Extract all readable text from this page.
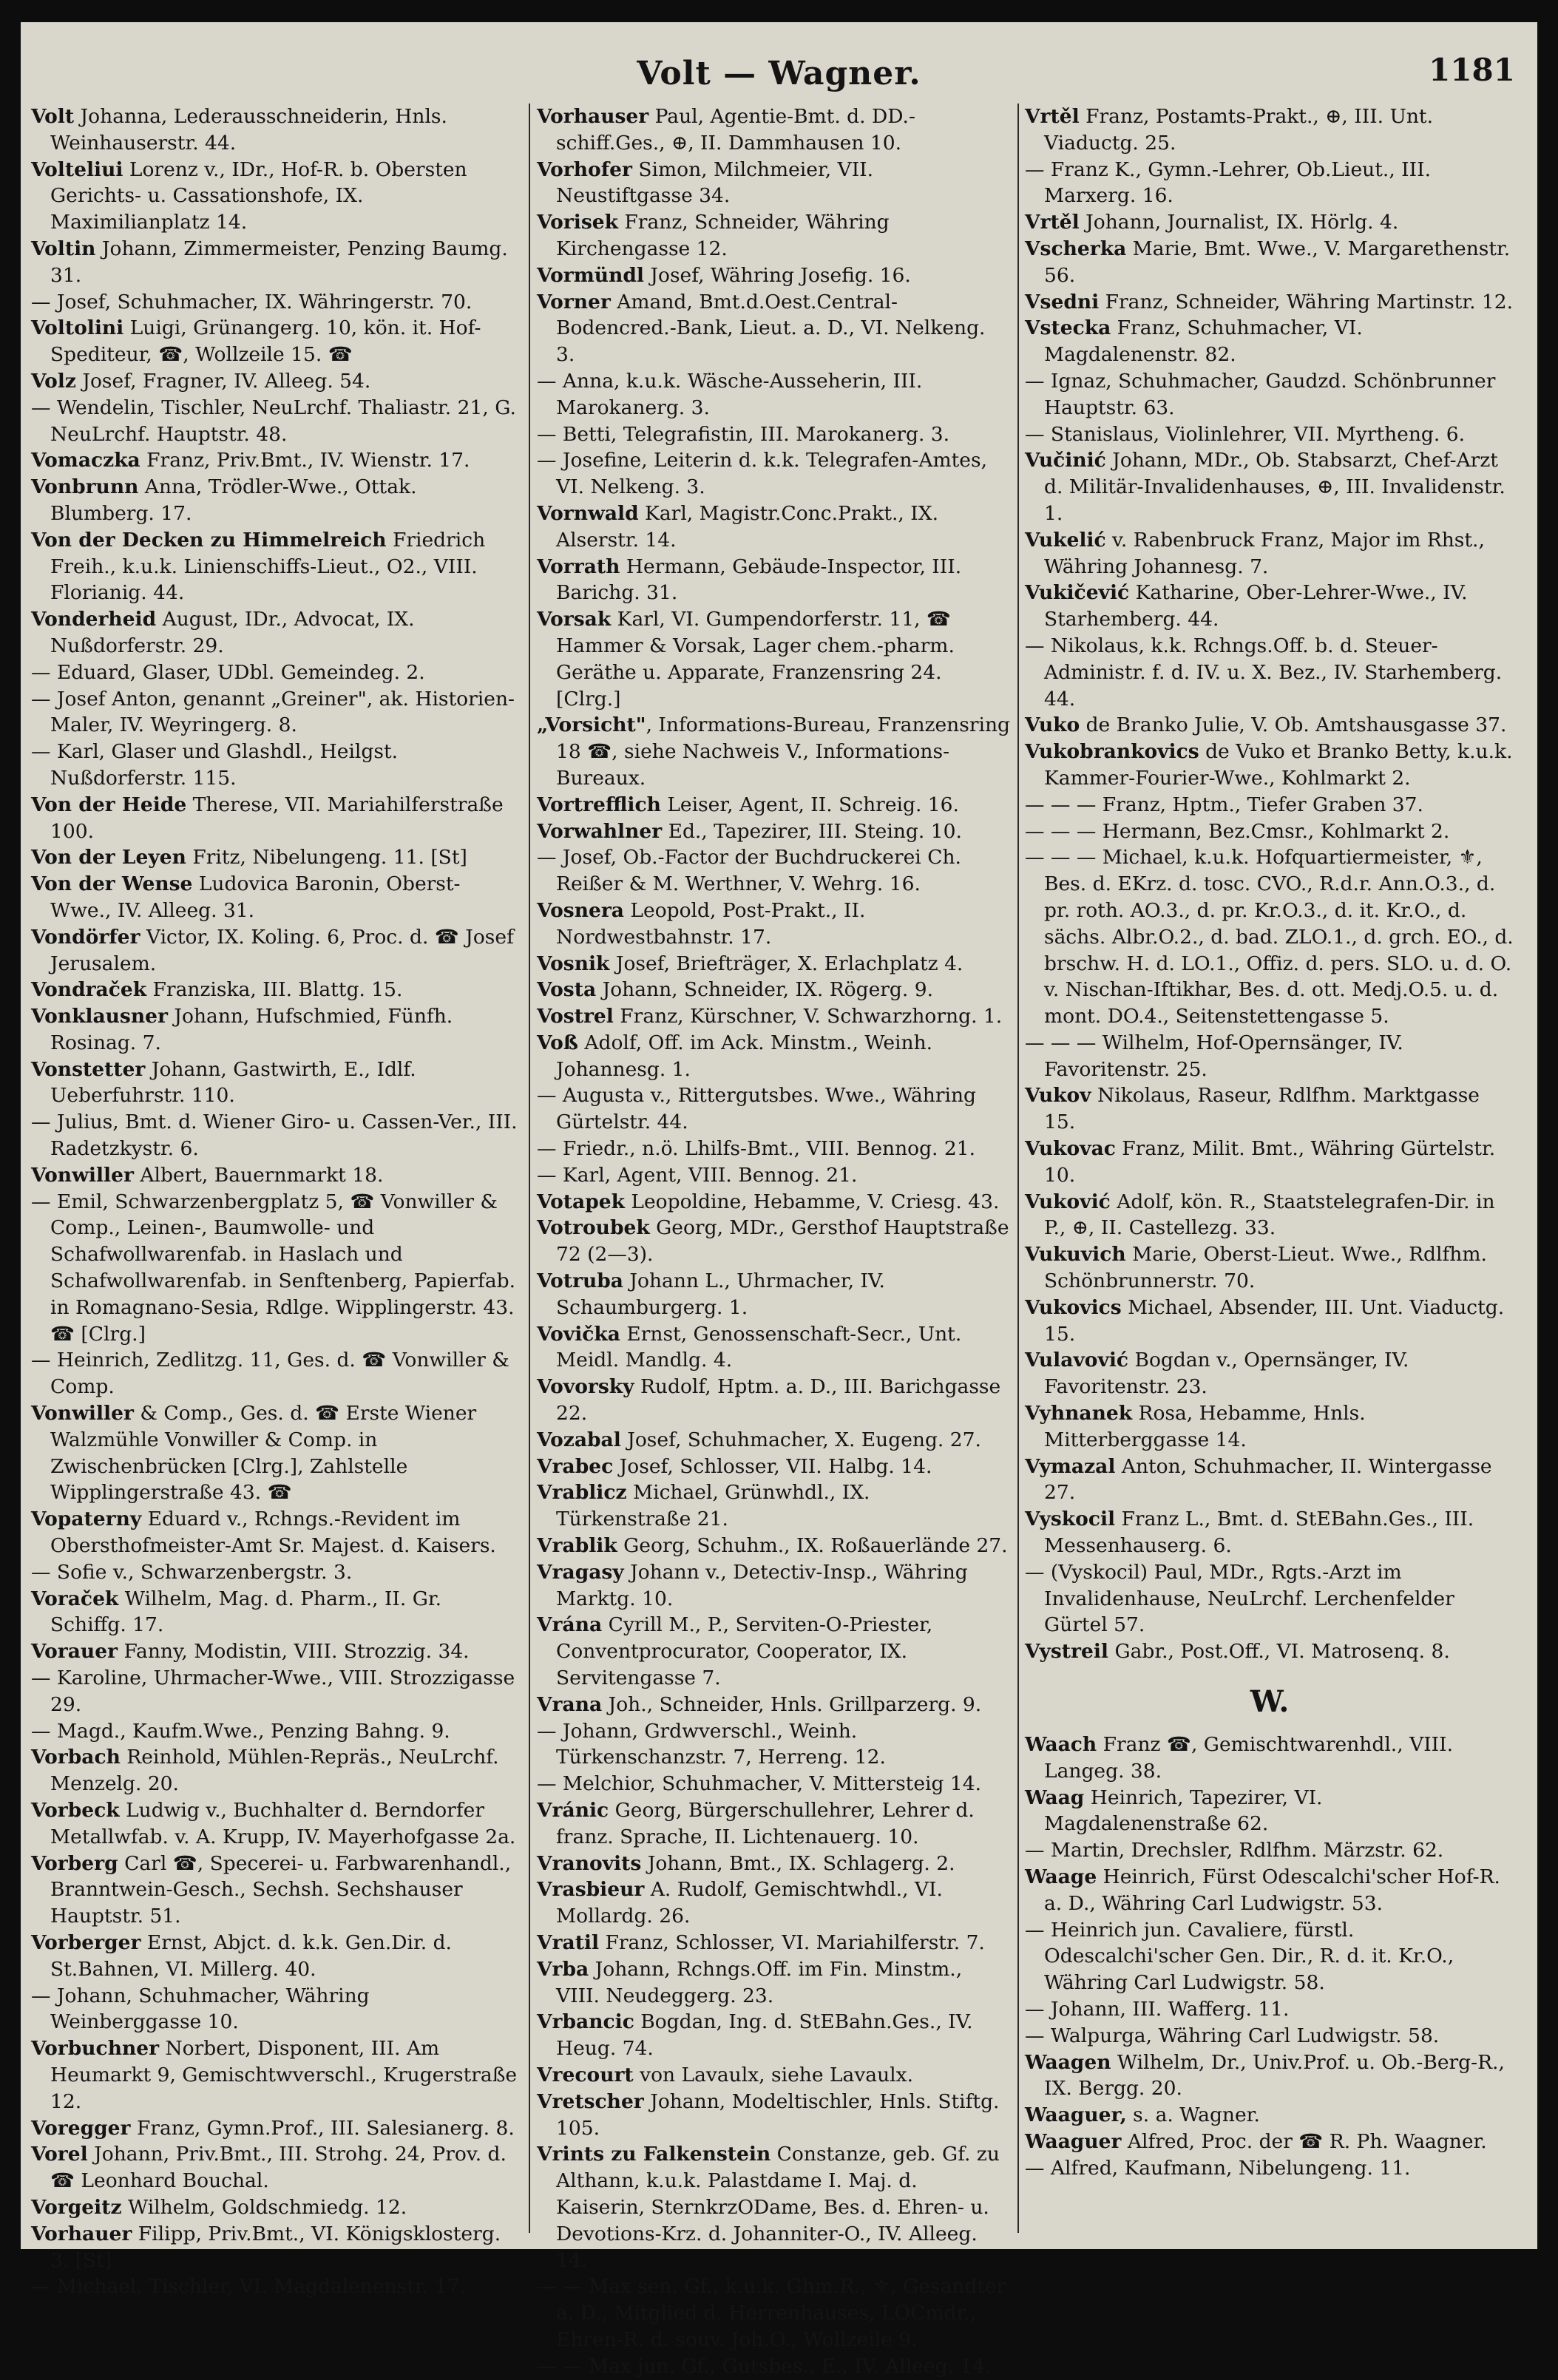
Volt — Wagner.	1181

Volt Johanna, Lederausschneiderin, Hnls. Weinhauserstr. 44.

Volteliui Lorenz v., IDr., Hof-R. b. Obersten Gerichts- u. Cassationshofe, IX. Maximilianplatz 14.

Voltin Johann, Zimmermeister, Penzing Baumg. 31.

— Josef, Schuhmacher, IX. Währingerstr. 70.

Voltolini Luigi, Grünangerg. 10, kön. it. Hof-Spediteur, ☎, Wollzeile 15. ☎

Volz Josef, Fragner, IV. Alleeg. 54.

— Wendelin, Tischler, NeuLrchf. Thaliastr. 21, G. NeuLrchf. Hauptstr. 48.

Vomaczka Franz, Priv.Bmt., IV. Wienstr. 17.

Vonbrunn Anna, Trödler-Wwe., Ottak. Blumberg. 17.

Von der Decken zu Himmelreich Friedrich Freih., k.u.k. Linienschiffs-Lieut., O2., VIII. Florianig. 44.

Vonderheid August, IDr., Advocat, IX. Nußdorferstr. 29.

— Eduard, Glaser, UDbl. Gemeindeg. 2.

— Josef Anton, genannt „Greiner", ak. Historien-Maler, IV. Weyringerg. 8.

— Karl, Glaser und Glashdl., Heilgst. Nußdorferstr. 115.

Von der Heide Therese, VII. Mariahilferstraße 100.

Von der Leyen Fritz, Nibelungeng. 11. [St]

Von der Wense Ludovica Baronin, Oberst-Wwe., IV. Alleeg. 31.

Vondörfer Victor, IX. Koling. 6, Proc. d. ☎ Josef Jerusalem.

Vondraček Franziska, III. Blattg. 15.

Vonklausner Johann, Hufschmied, Fünfh. Rosinag. 7.

Vonstetter Johann, Gastwirth, E., Idlf. Ueberfuhrstr. 110.

— Julius, Bmt. d. Wiener Giro- u. Cassen-Ver., III. Radetzkystr. 6.

Vonwiller Albert, Bauernmarkt 18.

— Emil, Schwarzenbergplatz 5, ☎ Vonwiller & Comp., Leinen-, Baumwolle- und Schafwollwarenfab. in Haslach und Schafwollwarenfab. in Senftenberg, Papierfab. in Romagnano-Sesia, Rdlge. Wipplingerstr. 43. ☎ [Clrg.]

— Heinrich, Zedlitzg. 11, Ges. d. ☎ Vonwiller & Comp.

Vonwiller & Comp., Ges. d. ☎ Erste Wiener Walzmühle Vonwiller & Comp. in Zwischenbrücken [Clrg.], Zahlstelle Wipplingerstraße 43. ☎

Vopaterny Eduard v., Rchngs.-Revident im Obersthofmeister-Amt Sr. Majest. d. Kaisers.

— Sofie v., Schwarzenbergstr. 3.

Voraček Wilhelm, Mag. d. Pharm., II. Gr. Schiffg. 17.

Vorauer Fanny, Modistin, VIII. Strozzig. 34.

— Karoline, Uhrmacher-Wwe., VIII. Strozzigasse 29.

— Magd., Kaufm.Wwe., Penzing Bahng. 9.

Vorbach Reinhold, Mühlen-Repräs., NeuLrchf. Menzelg. 20.

Vorbeck Ludwig v., Buchhalter d. Berndorfer Metallwfab. v. A. Krupp, IV. Mayerhofgasse 2a.

Vorberg Carl ☎, Specerei- u. Farbwarenhandl., Branntwein-Gesch., Sechsh. Sechshauser Hauptstr. 51.

Vorberger Ernst, Abjct. d. k.k. Gen.Dir. d. St.Bahnen, VI. Millerg. 40.

— Johann, Schuhmacher, Währing Weinberggasse 10.

Vorbuchner Norbert, Disponent, III. Am Heumarkt 9, Gemischtwverschl., Krugerstraße 12.

Voregger Franz, Gymn.Prof., III. Salesianerg. 8.

Vorel Johann, Priv.Bmt., III. Strohg. 24, Prov. d. ☎ Leonhard Bouchal.

Vorgeitz Wilhelm, Goldschmiedg. 12.

Vorhauer Filipp, Priv.Bmt., VI. Königsklosterg. 3. [St]

— Michael, Tischler, VI. Magdalenenstr. 17.

Vorhauser Paul, Agentie-Bmt. d. DD.-schiff.Ges., ⊕, II. Dammhausen 10.

Vorhofer Simon, Milchmeier, VII. Neustiftgasse 34.

Vorisek Franz, Schneider, Währing Kirchengasse 12.

Vormündl Josef, Währing Josefig. 16.

Vorner Amand, Bmt.d.Oest.Central-Bodencred.-Bank, Lieut. a. D., VI. Nelkeng. 3.

— Anna, k.u.k. Wäsche-Ausseherin, III. Marokanerg. 3.

— Betti, Telegrafistin, III. Marokanerg. 3.

— Josefine, Leiterin d. k.k. Telegrafen-Amtes, VI. Nelkeng. 3.

Vornwald Karl, Magistr.Conc.Prakt., IX. Alserstr. 14.

Vorrath Hermann, Gebäude-Inspector, III. Barichg. 31.

Vorsak Karl, VI. Gumpendorferstr. 11, ☎ Hammer & Vorsak, Lager chem.-pharm. Geräthe u. Apparate, Franzensring 24. [Clrg.]

„Vorsicht", Informations-Bureau, Franzensring 18 ☎, siehe Nachweis V., Informations-Bureaux.

Vortrefflich Leiser, Agent, II. Schreig. 16.

Vorwahlner Ed., Tapezirer, III. Steing. 10.

— Josef, Ob.-Factor der Buchdruckerei Ch. Reißer & M. Werthner, V. Wehrg. 16.

Vosnera Leopold, Post-Prakt., II. Nordwestbahnstr. 17.

Vosnik Josef, Briefträger, X. Erlachplatz 4.

Vosta Johann, Schneider, IX. Rögerg. 9.

Vostrel Franz, Kürschner, V. Schwarzhorng. 1.

Voß Adolf, Off. im Ack. Minstm., Weinh. Johannesg. 1.

— Augusta v., Rittergutsbes. Wwe., Währing Gürtelstr. 44.

— Friedr., n.ö. Lhilfs-Bmt., VIII. Bennog. 21.

— Karl, Agent, VIII. Bennog. 21.

Votapek Leopoldine, Hebamme, V. Criesg. 43.

Votroubek Georg, MDr., Gersthof Hauptstraße 72 (2—3).

Votruba Johann L., Uhrmacher, IV. Schaumburgerg. 1.

Vovička Ernst, Genossenschaft-Secr., Unt. Meidl. Mandlg. 4.

Vovorsky Rudolf, Hptm. a. D., III. Barichgasse 22.

Vozabal Josef, Schuhmacher, X. Eugeng. 27.

Vrabec Josef, Schlosser, VII. Halbg. 14.

Vrablicz Michael, Grünwhdl., IX. Türkenstraße 21.

Vrablik Georg, Schuhm., IX. Roßauerlände 27.

Vragasy Johann v., Detectiv-Insp., Währing Marktg. 10.

Vrána Cyrill M., P., Serviten-O-Priester, Conventprocurator, Cooperator, IX. Servitengasse 7.

Vrana Joh., Schneider, Hnls. Grillparzerg. 9.

— Johann, Grdwverschl., Weinh. Türkenschanzstr. 7, Herreng. 12.

— Melchior, Schuhmacher, V. Mittersteig 14.

Vránic Georg, Bürgerschullehrer, Lehrer d. franz. Sprache, II. Lichtenauerg. 10.

Vranovits Johann, Bmt., IX. Schlagerg. 2.

Vrasbieur A. Rudolf, Gemischtwhdl., VI. Mollardg. 26.

Vratil Franz, Schlosser, VI. Mariahilferstr. 7.

Vrba Johann, Rchngs.Off. im Fin. Minstm., VIII. Neudeggerg. 23.

Vrbancic Bogdan, Ing. d. StEBahn.Ges., IV. Heug. 74.

Vrecourt von Lavaulx, siehe Lavaulx.

Vretscher Johann, Modeltischler, Hnls. Stiftg. 105.

Vrints zu Falkenstein Constanze, geb. Gf. zu Althann, k.u.k. Palastdame I. Maj. d. Kaiserin, SternkrzODame, Bes. d. Ehren- u. Devotions-Krz. d. Johanniter-O., IV. Alleeg. 14.

— — Max sen. Gf., k.u.k. Ghm.R., ⚜, Gesandter a. D., Mitglied d. Herrenhauses, LOCmdr., Ehren-R. d. souv. Joh.O., Wollzeile 9.

— — Max jun. Gf., Gutsbes., E., IV. Alleeg. 14.

Vrtěl Franz, Postamts-Prakt., ⊕, III. Unt. Viaductg. 25.

— Franz K., Gymn.-Lehrer, Ob.Lieut., III. Marxerg. 16.

Vrtěl Johann, Journalist, IX. Hörlg. 4.

Vscherka Marie, Bmt. Wwe., V. Margarethenstr. 56.

Vsedni Franz, Schneider, Währing Martinstr. 12.

Vstecka Franz, Schuhmacher, VI. Magdalenenstr. 82.

— Ignaz, Schuhmacher, Gaudzd. Schönbrunner Hauptstr. 63.

— Stanislaus, Violinlehrer, VII. Myrtheng. 6.

Vučinić Johann, MDr., Ob. Stabsarzt, Chef-Arzt d. Militär-Invalidenhauses, ⊕, III. Invalidenstr. 1.

Vukelić v. Rabenbruck Franz, Major im Rhst., Währing Johannesg. 7.

Vukičević Katharine, Ober-Lehrer-Wwe., IV. Starhemberg. 44.

— Nikolaus, k.k. Rchngs.Off. b. d. Steuer-Administr. f. d. IV. u. X. Bez., IV. Starhemberg. 44.

Vuko de Branko Julie, V. Ob. Amtshausgasse 37.

Vukobrankovics de Vuko et Branko Betty, k.u.k. Kammer-Fourier-Wwe., Kohlmarkt 2.

— — — Franz, Hptm., Tiefer Graben 37.

— — — Hermann, Bez.Cmsr., Kohlmarkt 2.

— — — Michael, k.u.k. Hofquartiermeister, ⚜, Bes. d. EKrz. d. tosc. CVO., R.d.r. Ann.O.3., d. pr. roth. AO.3., d. pr. Kr.O.3., d. it. Kr.O., d. sächs. Albr.O.2., d. bad. ZLO.1., d. grch. EO., d. brschw. H. d. LO.1., Offiz. d. pers. SLO. u. d. O. v. Nischan-Iftikhar, Bes. d. ott. Medj.O.5. u. d. mont. DO.4., Seitenstettengasse 5.

— — — Wilhelm, Hof-Opernsänger, IV. Favoritenstr. 25.

Vukov Nikolaus, Raseur, Rdlfhm. Marktgasse 15.

Vukovac Franz, Milit. Bmt., Währing Gürtelstr. 10.

Vuković Adolf, kön. R., Staatstelegrafen-Dir. in P., ⊕, II. Castellezg. 33.

Vukuvich Marie, Oberst-Lieut. Wwe., Rdlfhm. Schönbrunnerstr. 70.

Vukovics Michael, Absender, III. Unt. Viaductg. 15.

Vulavović Bogdan v., Opernsänger, IV. Favoritenstr. 23.

Vyhnanek Rosa, Hebamme, Hnls. Mitterberggasse 14.

Vymazal Anton, Schuhmacher, II. Wintergasse 27.

Vyskocil Franz L., Bmt. d. StEBahn.Ges., III. Messenhauserg. 6.

— (Vyskocil) Paul, MDr., Rgts.-Arzt im Invalidenhause, NeuLrchf. Lerchenfelder Gürtel 57.

Vystreil Gabr., Post.Off., VI. Matrosenq. 8.

W.

Waach Franz ☎, Gemischtwarenhdl., VIII. Langeg. 38.

Waag Heinrich, Tapezirer, VI. Magdalenenstraße 62.

— Martin, Drechsler, Rdlfhm. Märzstr. 62.

Waage Heinrich, Fürst Odescalchi'scher Hof-R. a. D., Währing Carl Ludwigstr. 53.

— Heinrich jun. Cavaliere, fürstl. Odescalchi'scher Gen. Dir., R. d. it. Kr.O., Währing Carl Ludwigstr. 58.

— Johann, III. Wafferg. 11.

— Walpurga, Währing Carl Ludwigstr. 58.

Waagen Wilhelm, Dr., Univ.Prof. u. Ob.-Berg-R., IX. Bergg. 20.

Waaguer, s. a. Wagner.

Waaguer Alfred, Proc. der ☎ R. Ph. Waagner.

— Alfred, Kaufmann, Nibelungeng. 11.
